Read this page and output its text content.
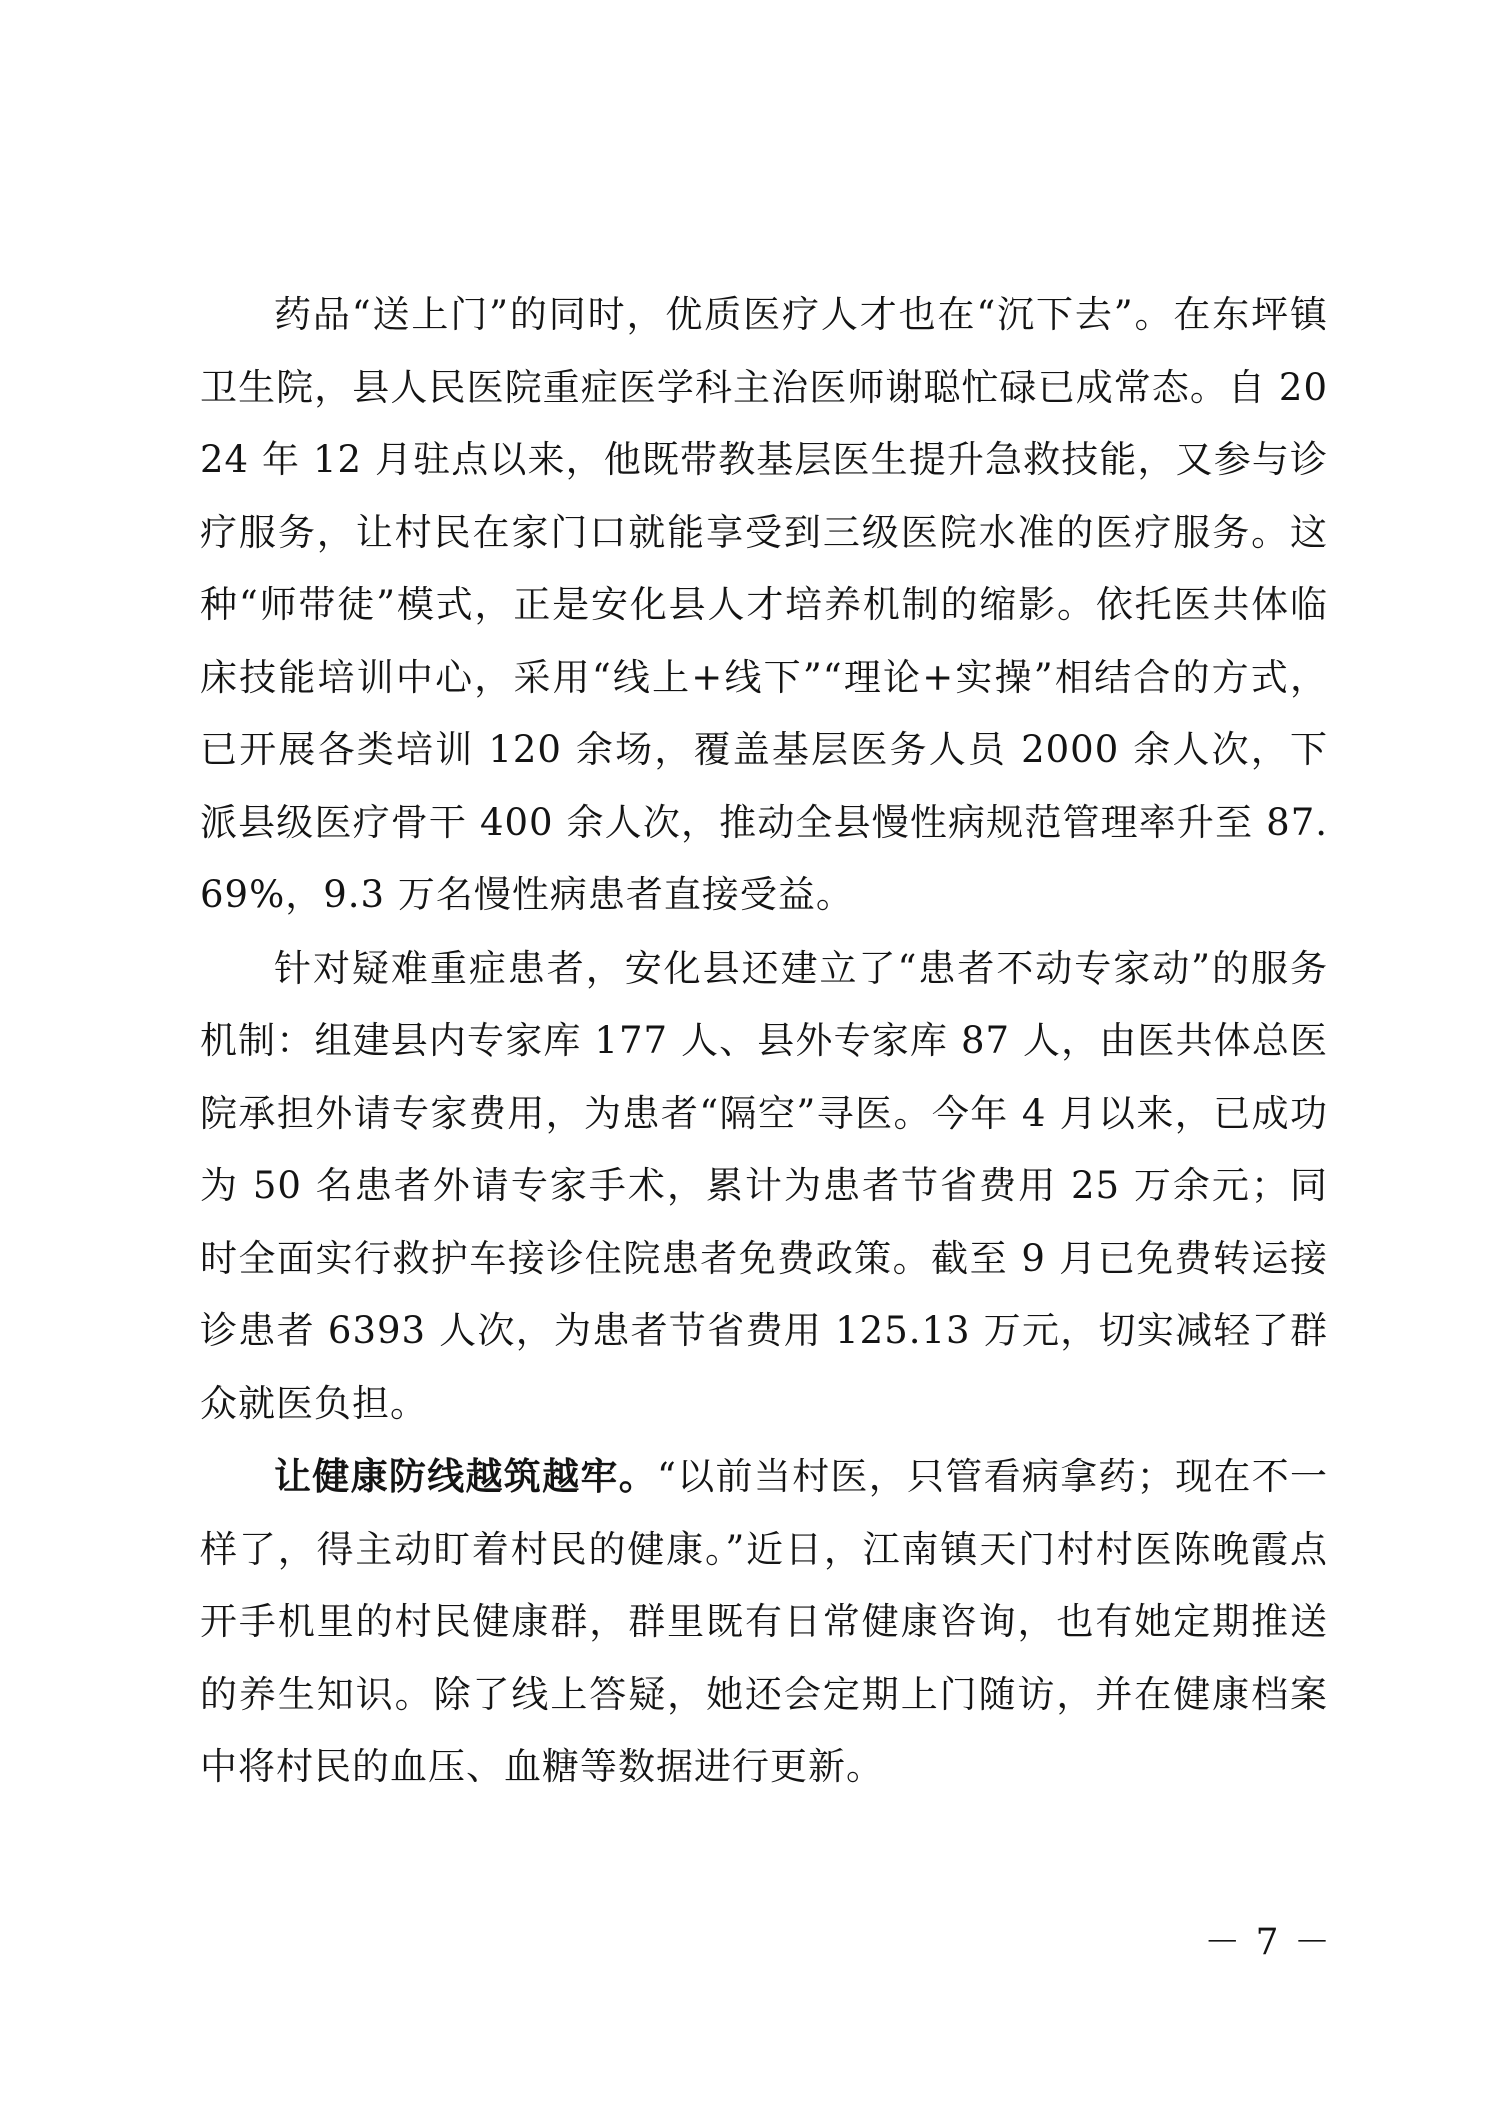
药品“送上门”的同时，优质医疗人才也在“沉下去”。在东坪镇卫生院，县人民医院重症医学科主治医师谢聪忙碌已成常态。自 2024 年 12 月驻点以来，他既带教基层医生提升急救技能，又参与诊疗服务，让村民在家门口就能享受到三级医院水准的医疗服务。这种“师带徒”模式，正是安化县人才培养机制的缩影。依托医共体临床技能培训中心，采用“线上+线下”“理论+实操”相结合的方式，已开展各类培训 120 余场，覆盖基层医务人员 2000 余人次，下派县级医疗骨干 400 余人次，推动全县慢性病规范管理率升至 87.69%，9.3 万名慢性病患者直接受益。

针对疑难重症患者，安化县还建立了“患者不动专家动”的服务机制：组建县内专家库 177 人、县外专家库 87 人，由医共体总医院承担外请专家费用，为患者“隔空”寻医。今年 4 月以来，已成功为 50 名患者外请专家手术，累计为患者节省费用 25 万余元；同时全面实行救护车接诊住院患者免费政策。截至 9 月已免费转运接诊患者 6393 人次，为患者节省费用 125.13 万元，切实减轻了群众就医负担。

让健康防线越筑越牢。“以前当村医，只管看病拿药；现在不一样了，得主动盯着村民的健康。”近日，江南镇天门村村医陈晚霞点开手机里的村民健康群，群里既有日常健康咨询，也有她定期推送的养生知识。除了线上答疑，她还会定期上门随访，并在健康档案中将村民的血压、血糖等数据进行更新。

－ 7 －
